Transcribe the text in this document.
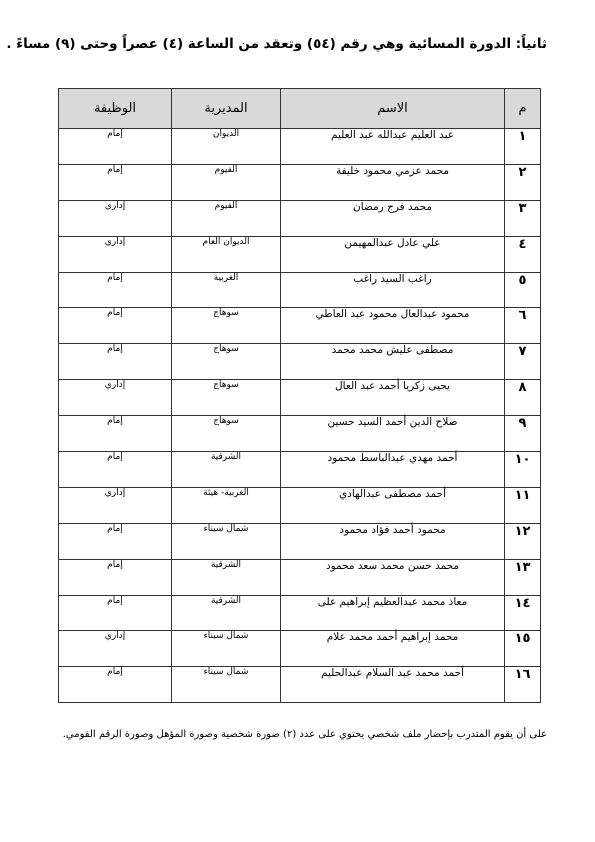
ثانياً: الدورة المسائية وهي رقم (٥٤) وتعقد من الساعة (٤) عصراً وحتى (٩) مساءً .
م	الاسم	المديرية	الوظيفة
١	عبد العليم عبدالله عبد العليم	الديوان	إمام
٢	محمد عزمي محمود خليفة	الفيوم	إمام
٣	محمد فرج رمضان	الفيوم	إداري
٤	علي عادل عبدالمهيمن	الديوان العام	إداري
٥	راغب السيد راغب	الغربية	إمام
٦	محمود عبدالعال محمود عبد العاطي	سوهاج	إمام
٧	مصطفى عليش محمد محمد	سوهاج	إمام
٨	يحيى زكريا أحمد عبد العال	سوهاج	إداري
٩	صلاح الدين أحمد السيد حسين	سوهاج	إمام
١٠	أحمد مهدي عبدالباسط محمود	الشرقية	إمام
١١	أحمد مصطفى عبدالهادي	الغربية- هيئة	إداري
١٢	محمود أحمد فؤاد محمود	شمال سيناء	إمام
١٣	محمد حسن محمد سعد محمود	الشرقية	إمام
١٤	معاذ محمد عبدالعظيم إبراهيم على	الشرقية	إمام
١٥	محمد إبراهيم أحمد محمد علام	شمال سيناء	إداري
١٦	أحمد محمد عبد السلام عبدالحليم	شمال سيناء	إمام
على أن يقوم المتدرب بإحضار ملف شخصي يحتوي على عدد (٢) صورة شخصية وصورة المؤهل وصورة الرقم القومي.
